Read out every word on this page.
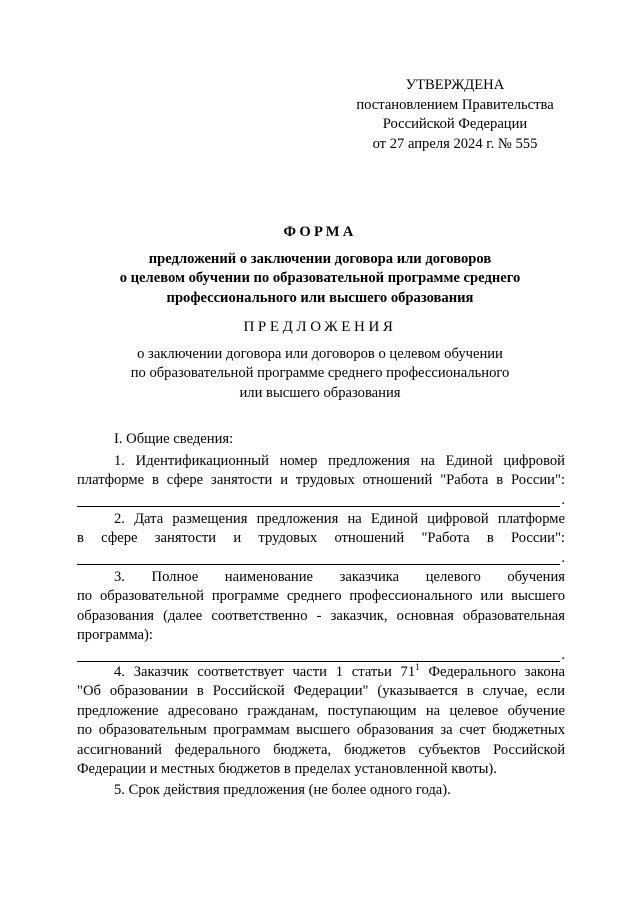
УТВЕРЖДЕНА
постановлением Правительства
Российской Федерации
от 27 апреля 2024 г. № 555
ФОРМА
предложений о заключении договора или договоров
о целевом обучении по образовательной программе среднего
профессионального или высшего образования
ПРЕДЛОЖЕНИЯ
о заключении договора или договоров о целевом обучении
по образовательной программе среднего профессионального
или высшего образования
I. Общие сведения:
1. Идентификационный номер предложения на Единой цифровой
платформе в сфере занятости и трудовых отношений "Работа в России":
.
2. Дата размещения предложения на Единой цифровой платформе
в сфере занятости и трудовых отношений "Работа в России":
.
3. Полное наименование заказчика целевого обучения
по образовательной программе среднего профессионального или высшего
образования (далее соответственно - заказчик, основная образовательная
программа):
.
4. Заказчик соответствует части 1 статьи $71^1$ Федерального закона
"Об образовании в Российской Федерации" (указывается в случае, если
предложение адресовано гражданам, поступающим на целевое обучение
по образовательным программам высшего образования за счет бюджетных
ассигнований федерального бюджета, бюджетов субъектов Российской
Федерации и местных бюджетов в пределах установленной квоты).
5. Срок действия предложения (не более одного года).
